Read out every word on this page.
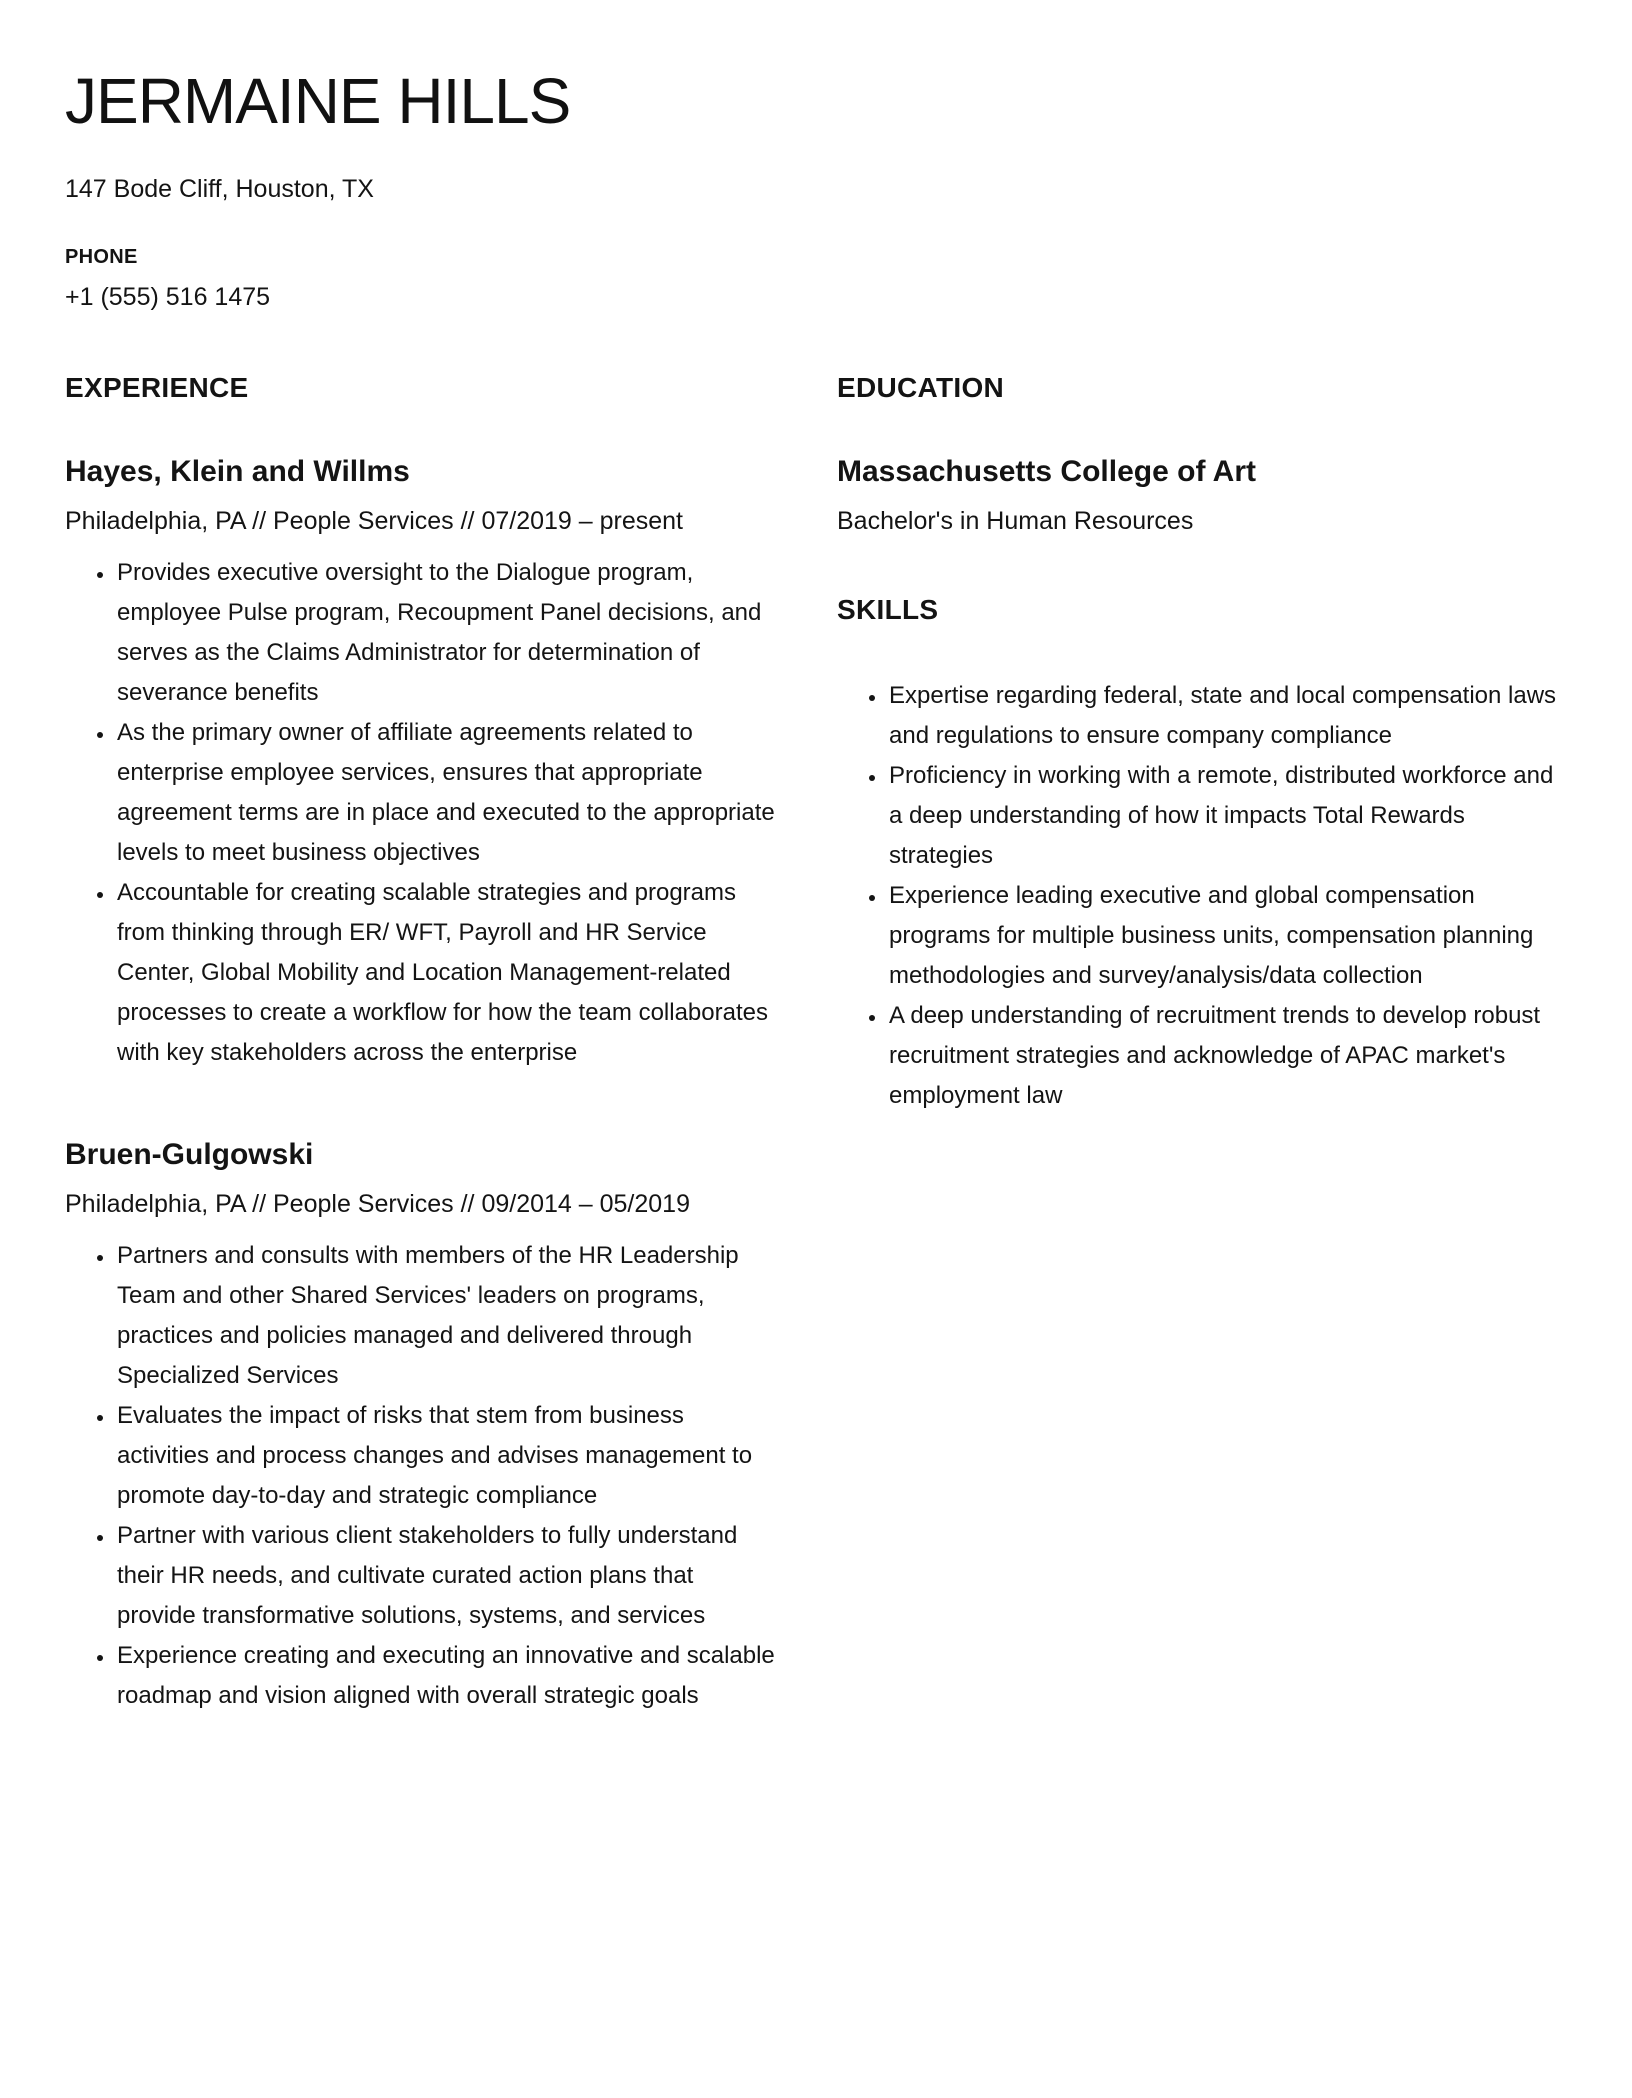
JERMAINE HILLS

147 Bode Cliff, Houston, TX

PHONE
+1 (555) 516 1475
EXPERIENCE
Hayes, Klein and Willms

Philadelphia, PA // People Services // 07/2019 – present

• Provides executive oversight to the Dialogue program, employee Pulse program, Recoupment Panel decisions, and serves as the Claims Administrator for determination of severance benefits
• As the primary owner of affiliate agreements related to enterprise employee services, ensures that appropriate agreement terms are in place and executed to the appropriate levels to meet business objectives
• Accountable for creating scalable strategies and programs from thinking through ER/ WFT, Payroll and HR Service Center, Global Mobility and Location Management-related processes to create a workflow for how the team collaborates with key stakeholders across the enterprise
Bruen-Gulgowski

Philadelphia, PA // People Services // 09/2014 – 05/2019

• Partners and consults with members of the HR Leadership Team and other Shared Services' leaders on programs, practices and policies managed and delivered through Specialized Services
• Evaluates the impact of risks that stem from business activities and process changes and advises management to promote day-to-day and strategic compliance
• Partner with various client stakeholders to fully understand their HR needs, and cultivate curated action plans that provide transformative solutions, systems, and services
• Experience creating and executing an innovative and scalable roadmap and vision aligned with overall strategic goals
EDUCATION
Massachusetts College of Art

Bachelor's in Human Resources

SKILLS
• Expertise regarding federal, state and local compensation laws and regulations to ensure company compliance
• Proficiency in working with a remote, distributed workforce and a deep understanding of how it impacts Total Rewards strategies
• Experience leading executive and global compensation programs for multiple business units, compensation planning methodologies and survey/analysis/data collection
• A deep understanding of recruitment trends to develop robust recruitment strategies and acknowledge of APAC market's employment law
